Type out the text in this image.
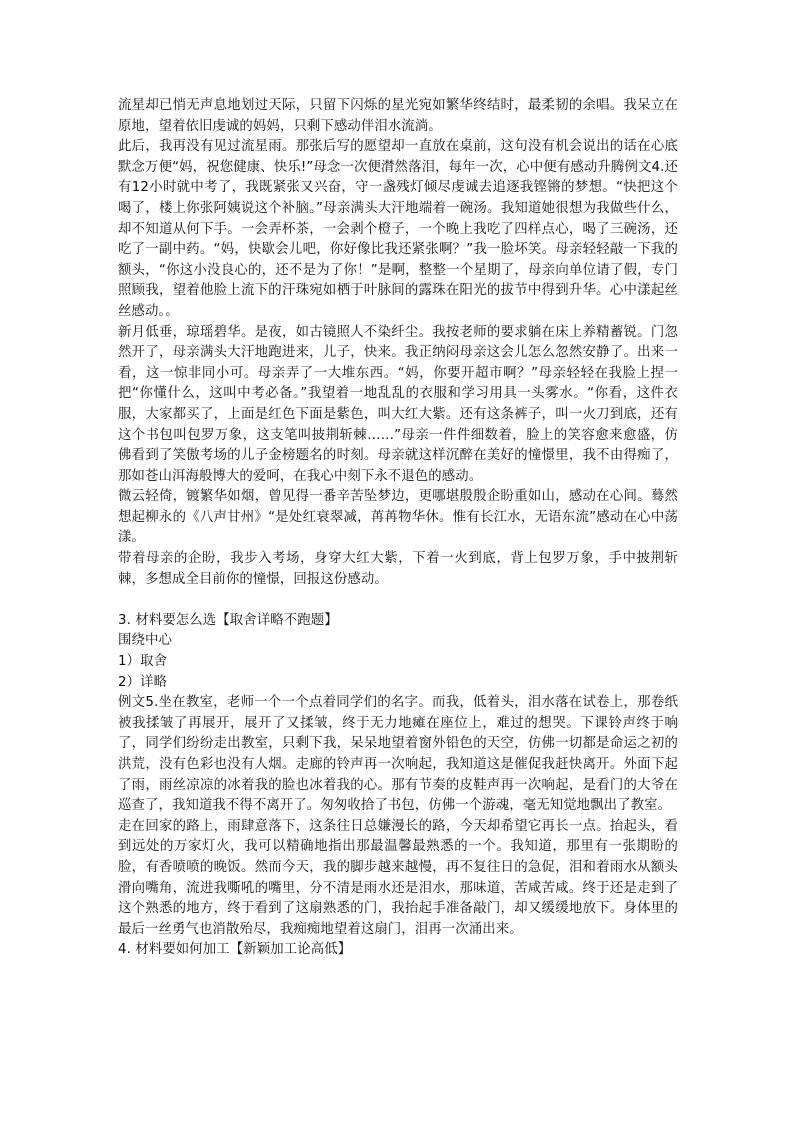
流星却已悄无声息地划过天际，只留下闪烁的星光宛如繁华终结时，最柔韧的余唱。我呆立在原地，望着依旧虔诚的妈妈，只剩下感动伴泪水流淌。

此后，我再没有见过流星雨。那张后写的愿望却一直放在桌前，这句没有机会说出的话在心底默念万便“妈，祝您健康、快乐!”母念一次便潸然落泪，每年一次，心中便有感动升腾例文4.还有12小时就中考了，我既紧张又兴奋，守一盏残灯倾尽虔诚去追逐我铿锵的梦想。“快把这个喝了，楼上你张阿姨说这个补脑。”母亲满头大汗地端着一碗汤。我知道她很想为我做些什么，却不知道从何下手。一会弄杯茶，一会剥个橙子，一个晚上我吃了四样点心，喝了三碗汤，还吃了一副中药。“妈，快歇会儿吧，你好像比我还紧张啊？”我一脸坏笑。母亲轻轻敲一下我的额头，“你这小没良心的，还不是为了你！”是啊，整整一个星期了，母亲向单位请了假，专门照顾我，望着他脸上流下的汗珠宛如栖于叶脉间的露珠在阳光的拔节中得到升华。心中漾起丝丝感动。。

新月低垂，琼瑶碧华。是夜，如古镜照人不染纤尘。我按老师的要求躺在床上养精蓄锐。门忽然开了，母亲满头大汗地跑进来，儿子，快来。我正纳闷母亲这会儿怎么忽然安静了。出来一看，这一惊非同小可。母亲弄了一大堆东西。“妈，你要开超市啊？”母亲轻轻在我脸上捏一把“你懂什么，这叫中考必备。”我望着一地乱乱的衣服和学习用具一头雾水。“你看，这件衣服，大家都买了，上面是红色下面是紫色，叫大红大紫。还有这条裤子，叫一火刀到底，还有这个书包叫包罗万象，这支笔叫披荆斩棘……”母亲一件件细数着，脸上的笑容愈来愈盛，仿佛看到了笑傲考场的儿子金榜题名的时刻。母亲就这样沉醉在美好的憧憬里，我不由得痴了，那如苍山洱海般博大的爱呵，在我心中刻下永不退色的感动。

微云轻倚，镀繁华如烟，曾见得一番辛苦坠梦边，更哪堪殷殷企盼重如山，感动在心间。蓦然想起柳永的《八声甘州》“是处红衰翠减，苒苒物华休。惟有长江水，无语东流”感动在心中荡漾。

带着母亲的企盼，我步入考场，身穿大红大紫，下着一火到底，背上包罗万象，手中披荆斩棘，多想成全目前你的憧憬，回报这份感动。

3. 材料要怎么选【取舍详略不跑题】

围绕中心

1）取舍

2）详略

例文5.坐在教室，老师一个一个点着同学们的名字。而我，低着头，泪水落在试卷上，那卷纸被我揉皱了再展开，展开了又揉皱，终于无力地瘫在座位上，难过的想哭。下课铃声终于响了，同学们纷纷走出教室，只剩下我，呆呆地望着窗外铅色的天空，仿佛一切都是命运之初的洪荒，没有色彩也没有人烟。走廊的铃声再一次响起，我知道这是催促我赶快离开。外面下起了雨，雨丝凉凉的冰着我的脸也冰着我的心。那有节奏的皮鞋声再一次响起，是看门的大爷在巡查了，我知道我不得不离开了。匆匆收拾了书包，仿佛一个游魂，毫无知觉地飘出了教室。

走在回家的路上，雨肆意落下，这条往日总嫌漫长的路，今天却希望它再长一点。抬起头，看到远处的万家灯火，我可以精确地指出那最温馨最熟悉的一个。我知道，那里有一张期盼的脸，有香喷喷的晚饭。然而今天，我的脚步越来越慢，再不复往日的急促，泪和着雨水从额头滑向嘴角，流进我嘶吼的嘴里，分不清是雨水还是泪水，那味道，苦咸苦咸。终于还是走到了这个熟悉的地方，终于看到了这扇熟悉的门，我抬起手准备敲门，却又缓缓地放下。身体里的最后一丝勇气也消散殆尽，我痴痴地望着这扇门，泪再一次涌出来。

4. 材料要如何加工【新颖加工论高低】
